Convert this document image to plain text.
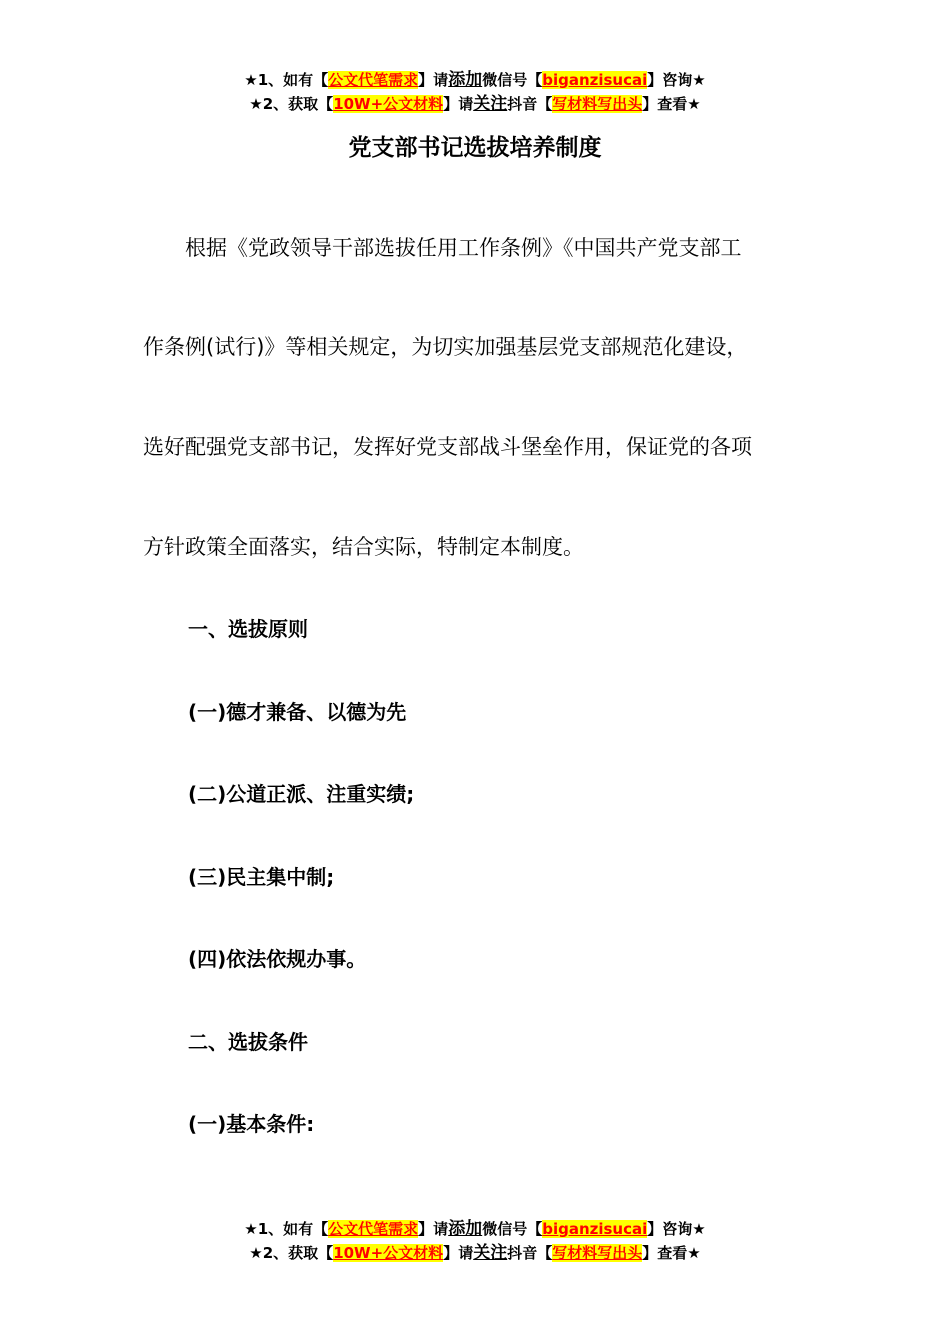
★1、如有【公文代笔需求】请添加微信号【biganzisucai】咨询★
★2、获取【10W+公文材料】请关注抖音【写材料写出头】查看★
党支部书记选拔培养制度
　　根据《党政领导干部选拔任用工作条例》《中国共产党支部工
作条例(试行)》等相关规定，为切实加强基层党支部规范化建设，
选好配强党支部书记，发挥好党支部战斗堡垒作用，保证党的各项
方针政策全面落实，结合实际，特制定本制度。
一、选拔原则
(一)德才兼备、以德为先
(二)公道正派、注重实绩;
(三)民主集中制;
(四)依法依规办事。
二、选拔条件
(一)基本条件:
★1、如有【公文代笔需求】请添加微信号【biganzisucai】咨询★
★2、获取【10W+公文材料】请关注抖音【写材料写出头】查看★
